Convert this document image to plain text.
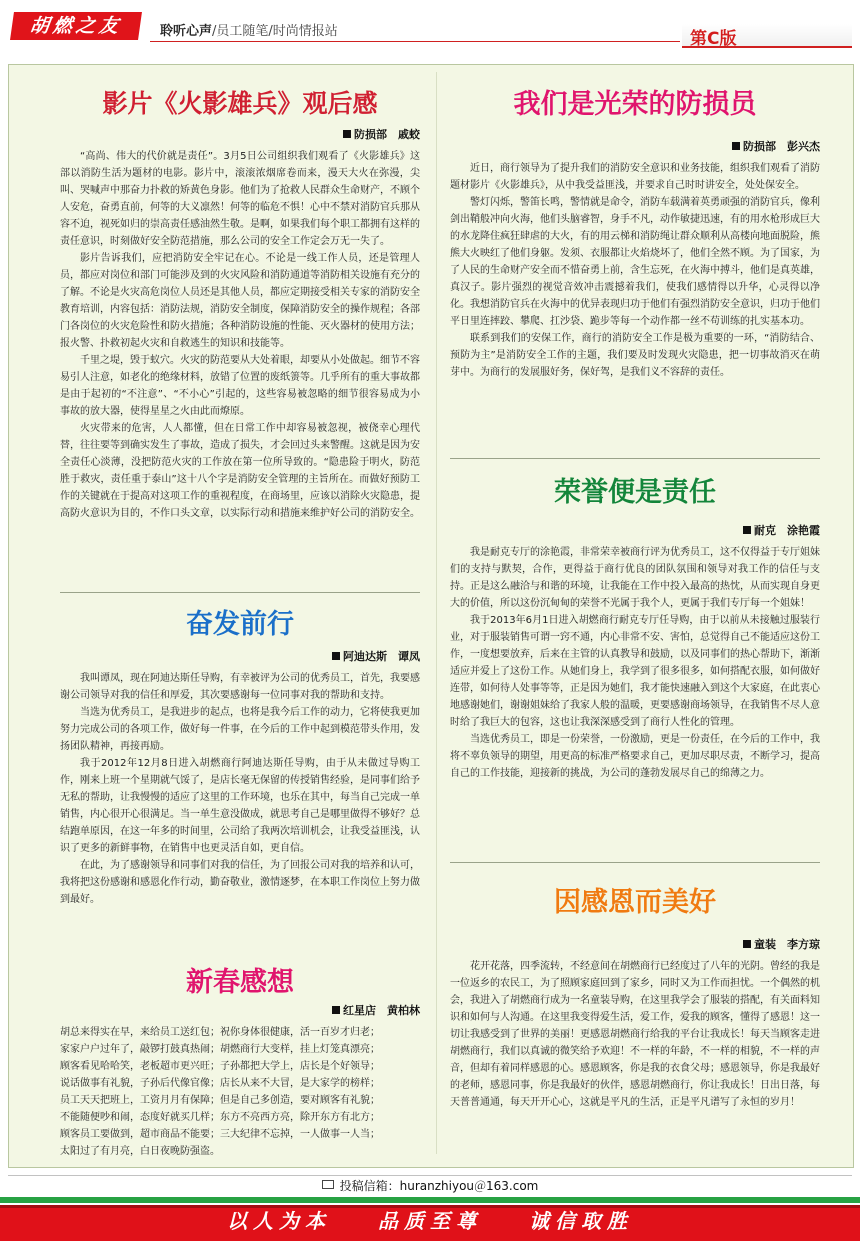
胡燃之友	聆听心声/员工随笔/时尚情报站	第C版
影片《火影雄兵》观后感
防损部　戚蛟

“高尚、伟大的代价就是责任”。3月5日公司组织我们观看了《火影雄兵》这部以消防生活为题材的电影。影片中，滚滚浓烟席卷而来，漫天大火在弥漫，尖叫、哭喊声中那奋力扑救的矫黄色身影。他们为了抢救人民群众生命财产，不顾个人安危，奋勇直前，何等的大义凛然！何等的临危不惧！心中不禁对消防官兵那从容不迫，视死如归的崇高责任感油然生敬。是啊，如果我们每个职工都拥有这样的责任意识，时刻做好安全防范措施，那么公司的安全工作定会万无一失了。

影片告诉我们，应把消防安全牢记在心。不论是一线工作人员，还是管理人员，都应对岗位和部门可能涉及到的火灾风险和消防通道等消防相关设施有充分的了解。不论是火灾高危岗位人员还是其他人员，都应定期接受相关专家的消防安全教育培训，内容包括：消防法规，消防安全制度，保障消防安全的操作规程；各部门各岗位的火灾危险性和防火措施；各种消防设施的性能、灭火器材的使用方法；报火警、扑救初起火灾和自救逃生的知识和技能等。

千里之堤，毁于蚁穴。火灾的防范要从大处着眼，却要从小处做起。细节不容易引人注意，如老化的绝缘材料，放错了位置的废纸箦等。几乎所有的重大事故都是由于起初的“不注意”、“不小心”引起的，这些容易被忽略的细节很容易成为小事故的放大器，使得星星之火由此而燎原。

火灾带来的危害，人人都懂，但在日常工作中却容易被忽视，被侥幸心理代替，往往要等到确实发生了事故，造成了损失，才会回过头来警醒。这就是因为安全责任心淡薄，没把防范火灾的工作放在第一位所导致的。“隐患险于明火，防范胜于救灾，责任重于泰山”这十八个字是消防安全管理的主旨所在。而做好预防工作的关键就在于提高对这项工作的重视程度，在商场里，应该以消除火灾隐患，提高防火意识为目的，不作口头文章，以实际行动和措施来维护好公司的消防安全。

奋发前行
阿迪达斯　谭凤

我叫谭凤，现在阿迪达斯任导购，有幸被评为公司的优秀员工，首先，我要感谢公司领导对我的信任和厚爱，其次要感谢每一位同事对我的帮助和支持。

当选为优秀员工，是我进步的起点，也将是我今后工作的动力，它将使我更加努力完成公司的各项工作，做好每一件事，在今后的工作中起到模范带头作用，发扬团队精神，再接再励。

我于2012年12月8日进入胡燃商行阿迪达斯任导购，由于从未做过导购工作，刚来上班一个星期就气馁了，是店长毫无保留的传授销售经验，是同事们给予无私的帮助，让我慢慢的适应了这里的工作环境，也乐在其中，每当自己完成一单销售，内心很开心很满足。当一单生意没做成，就思考自己是哪里做得不够好？总结跑单原因，在这一年多的时间里，公司给了我两次培训机会，让我受益匪浅，认识了更多的新鲜事物，在销售中也更灵活自如，更自信。

在此，为了感谢领导和同事们对我的信任，为了回报公司对我的培养和认可，我将把这份感谢和感恩化作行动，勤奋敬业，激情逐梦，在本职工作岗位上努力做到最好。

新春感想
红星店　黄柏林

胡总来得实在早，来给员工送红包；祝你身体很健康，活一百岁才归老；

家家户户过年了，敲锣打鼓真热闹；胡燃商行大变样，挂上灯笼真漂亮；

顾客看见哈哈笑，老板超市更兴旺；子孙都把大学上，店长是个好领导；

说话做事有礼貌，子孙后代像官像；店长从来不大冒，是大家学的榜样；

员工天天把班上，工资月月有保障；但是自己多创造，要对顾客有礼貌；

不能随便吵和闹，态度好就买几样；东方不亮西方亮，除开东方有北方；

顾客员工要做到，超市商品不能要；三大纪律不忘掉，一人做事一人当；

太阳过了有月亮，白日夜晚防强盗。

我们是光荣的防损员
防损部　彭兴杰

近日，商行领导为了提升我们的消防安全意识和业务技能，组织我们观看了消防题材影片《火影雄兵》，从中我受益匪浅，并要求自己时时讲安全，处处保安全。

警灯闪烁，警笛长鸣，警情就是命令，消防车载满着英勇顽强的消防官兵，像利剑出鞘般冲向火海，他们头脑睿智，身手不凡，动作敏捷迅速，有的用水枪形成巨大的水龙降住疯狂肆虐的大火，有的用云梯和消防绳让群众顺利从高楼向地面脱险，熊熊大火映红了他们身躯。发须、衣服都让火焰烧坏了，他们全然不顾。为了国家，为了人民的生命财产安全而不惜奋勇上前，含生忘死，在火海中搏斗，他们是真英雄，真汉子。影片强烈的视觉音效冲击震撼着我们，使我们感情得以升华，心灵得以净化。我想消防官兵在火海中的优异表现归功于他们有强烈消防安全意识，归功于他们平日里连摔跤、攀爬、扛沙袋、跪步等每一个动作都一丝不苟训练的扎实基本功。

联系到我们的安保工作，商行的消防安全工作是极为重要的一环，“消防结合、预防为主”是消防安全工作的主题，我们要及时发现火灾隐患，把一切事故消灭在萌芽中。为商行的发展服好务，保好驾，是我们义不容辞的责任。

荣誉便是责任
耐克　涂艳霞

我是耐克专厅的涂艳霞，非常荣幸被商行评为优秀员工，这不仅得益于专厅姐妹们的支持与默契，合作，更得益于商行优良的团队氛围和领导对我工作的信任与支持。正是这么融洽与和谐的环境，让我能在工作中投入最高的热忱，从而实现自身更大的价值，所以这份沉甸甸的荣誉不光属于我个人，更属于我们专厅每一个姐妹！

我于2013年6月1日进入胡燃商行耐克专厅任导购，由于以前从未接触过服装行业，对于服装销售可谓一窍不通，内心非常不安、害怕，总觉得自己不能适应这份工作，一度想要放弃，后来在主管的认真教导和鼓励，以及同事们的热心帮助下，渐渐适应并爱上了这份工作。从她们身上，我学到了很多很多，如何搭配衣服，如何做好连带，如何待人处事等等，正是因为她们，我才能快速融入到这个大家庭，在此衷心地感谢她们，谢谢姐妹给了我家人般的温暖，更要感谢商场领导，在我销售不尽人意时给了我巨大的包容，这也让我深深感受到了商行人性化的管理。

当选优秀员工，即是一份荣誉，一份激励，更是一份责任，在今后的工作中，我将不辜负领导的期望，用更高的标准严格要求自己，更加尽职尽责，不断学习，提高自己的工作技能，迎接新的挑战，为公司的蓬勃发展尽自己的绵薄之力。

因感恩而美好
童装　李方琼

花开花落，四季流转，不经意间在胡燃商行已经度过了八年的光阴。曾经的我是一位返乡的农民工，为了照顾家庭回到了家乡，同时又为工作而担忧。一个偶然的机会，我进入了胡燃商行成为一名童装导购，在这里我学会了服装的搭配，有关面料知识和如何与人沟通。在这里我变得爱生活，爱工作，爱我的顾客，懂得了感恩！这一切让我感受到了世界的美丽！更感恩胡燃商行给我的平台让我成长！每天当顾客走进胡燃商行，我们以真诚的微笑给予欢迎！不一样的年龄，不一样的相貌，不一样的声音，但却有着同样感恩的心。感恩顾客，你是我的衣食父母；感恩领导，你是我最好的老师，感恩同事，你是我最好的伙伴，感恩胡燃商行，你让我成长！日出日落，每天普普通通，每天开开心心，这就是平凡的生活，正是平凡谱写了永恒的岁月！

投稿信箱：huranzhiyou＠163.com
以人为本 品质至尊 诚信取胜
